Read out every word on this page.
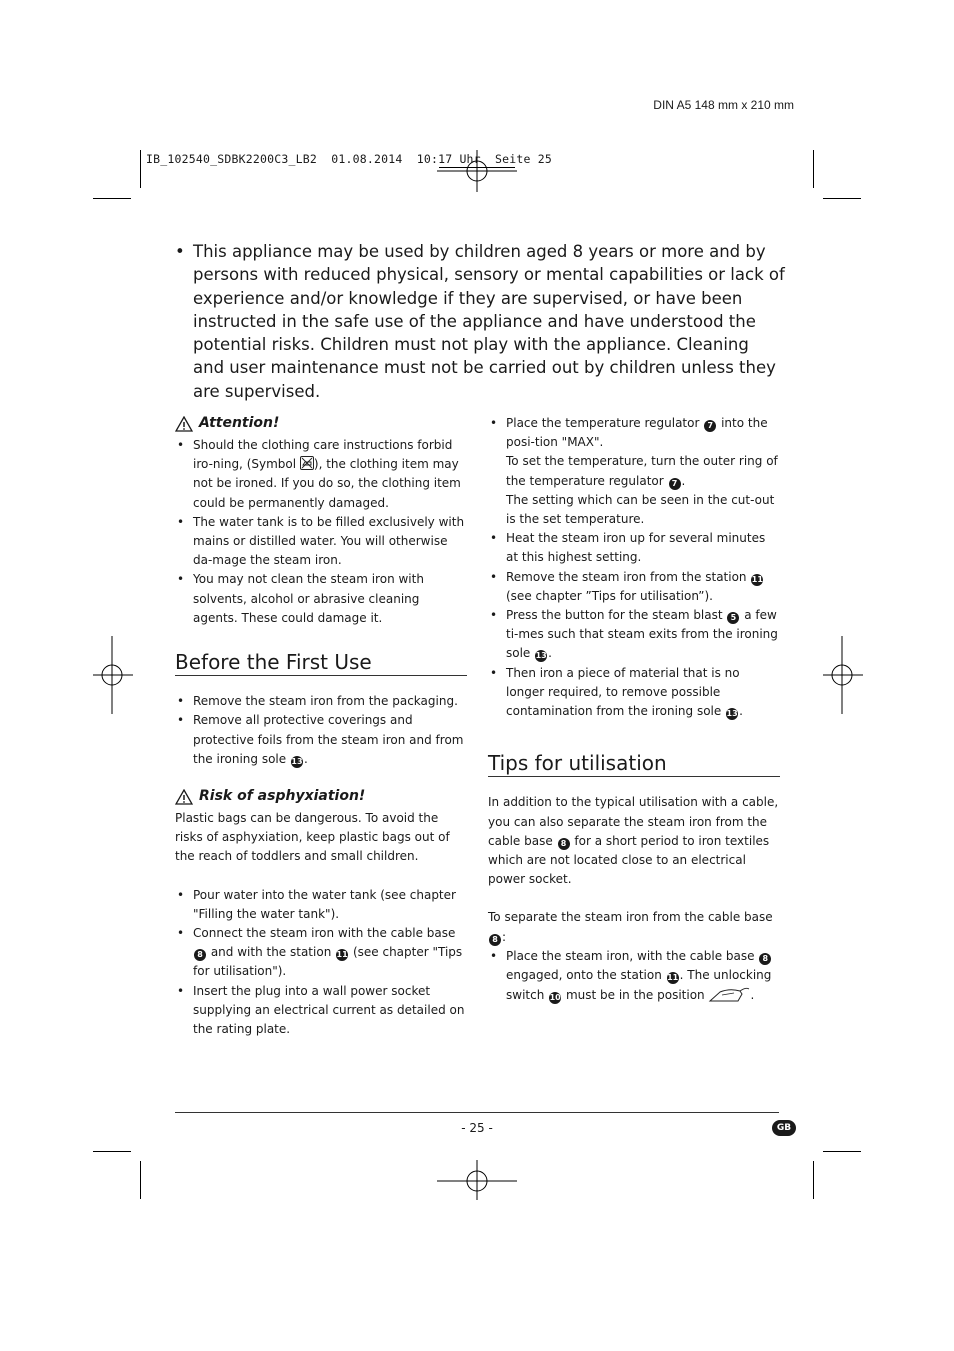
DIN A5 148 mm x 210 mm
IB_102540_SDBK2200C3_LB2  01.08.2014  10:17 Uhr  Seite 25
• This appliance may be used by children aged 8 years or more and by persons with reduced physical, sensory or mental capabilities or lack of experience and/or knowledge if they are supervised, or have been instructed in the safe use of the appliance and have understood the potential risks. Children must not play with the appliance. Cleaning and user maintenance must not be carried out by children unless they are supervised.
Attention!
• Should the clothing care instructions forbid iro-ning, (Symbol ), the clothing item may not be ironed. If you do so, the clothing item could be permanently damaged.
• The water tank is to be filled exclusively with mains or distilled water. You will otherwise da-mage the steam iron.
• You may not clean the steam iron with solvents, alcohol or abrasive cleaning agents. These could damage it.
Before the First Use
• Remove the steam iron from the packaging.
• Remove all protective coverings and protective foils from the steam iron and from the ironing sole 13.
Risk of asphyxiation!
Plastic bags can be dangerous. To avoid the risks of asphyxiation, keep plastic bags out of the reach of toddlers and small children.
• Pour water into the water tank (see chapter "Filling the water tank").
• Connect the steam iron with the cable base 8 and with the station 11 (see chapter "Tips for utilisation").
• Insert the plug into a wall power socket supplying an electrical current as detailed on the rating plate.
• Place the temperature regulator 7 into the posi-tion "MAX".
To set the temperature, turn the outer ring of the temperature regulator 7 .
The setting which can be seen in the cut-out is the set temperature.
• Heat the steam iron up for several minutes at this highest setting.
• Remove the steam iron from the station 11
(see chapter ”Tips for utilisation”).
• Press the button for the steam blast 5 a few ti-mes such that steam exits from the ironing sole 13.
• Then iron a piece of material that is no longer required, to remove possible contamination from the ironing sole 13.
Tips for utilisation
In addition to the typical utilisation with a cable, you can also separate the steam iron from the cable base 8 for a short period to iron textiles which are not located close to an electrical power socket.
To separate the steam iron from the cable base 8 :
• Place the steam iron, with the cable base 8 engaged, onto the station 11. The unlocking switch 10 must be in the position	.
- 25 -	GB
